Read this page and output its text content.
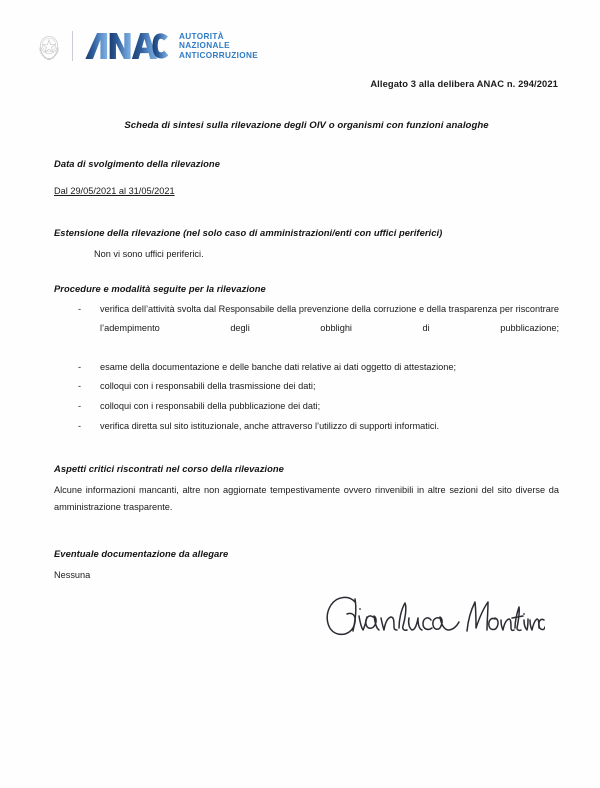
AUTORITÀ
NAZIONALE
ANTICORRUZIONE
Allegato 3 alla delibera ANAC n. 294/2021
Scheda di sintesi sulla rilevazione degli OIV o organismi con funzioni analoghe
Data di svolgimento della rilevazione
Dal 29/05/2021 al 31/05/2021
Estensione della rilevazione (nel solo caso di amministrazioni/enti con uffici periferici)
Non vi sono uffici periferici.
Procedure e modalità seguite per la rilevazione
- verifica dell’attività svolta dal Responsabile della prevenzione della corruzione e della trasparenza per riscontrare l’adempimento degli obblighi di pubblicazione;
- esame della documentazione e delle banche dati relative ai dati oggetto di attestazione;
- colloqui con i responsabili della trasmissione dei dati;
- colloqui con i responsabili della pubblicazione dei dati;
- verifica diretta sul sito istituzionale, anche attraverso l’utilizzo di supporti informatici.
Aspetti critici riscontrati nel corso della rilevazione
Alcune informazioni mancanti, altre non aggiornate tempestivamente ovvero rinvenibili in altre sezioni del sito diverse da amministrazione trasparente.
Eventuale documentazione da allegare
Nessuna
